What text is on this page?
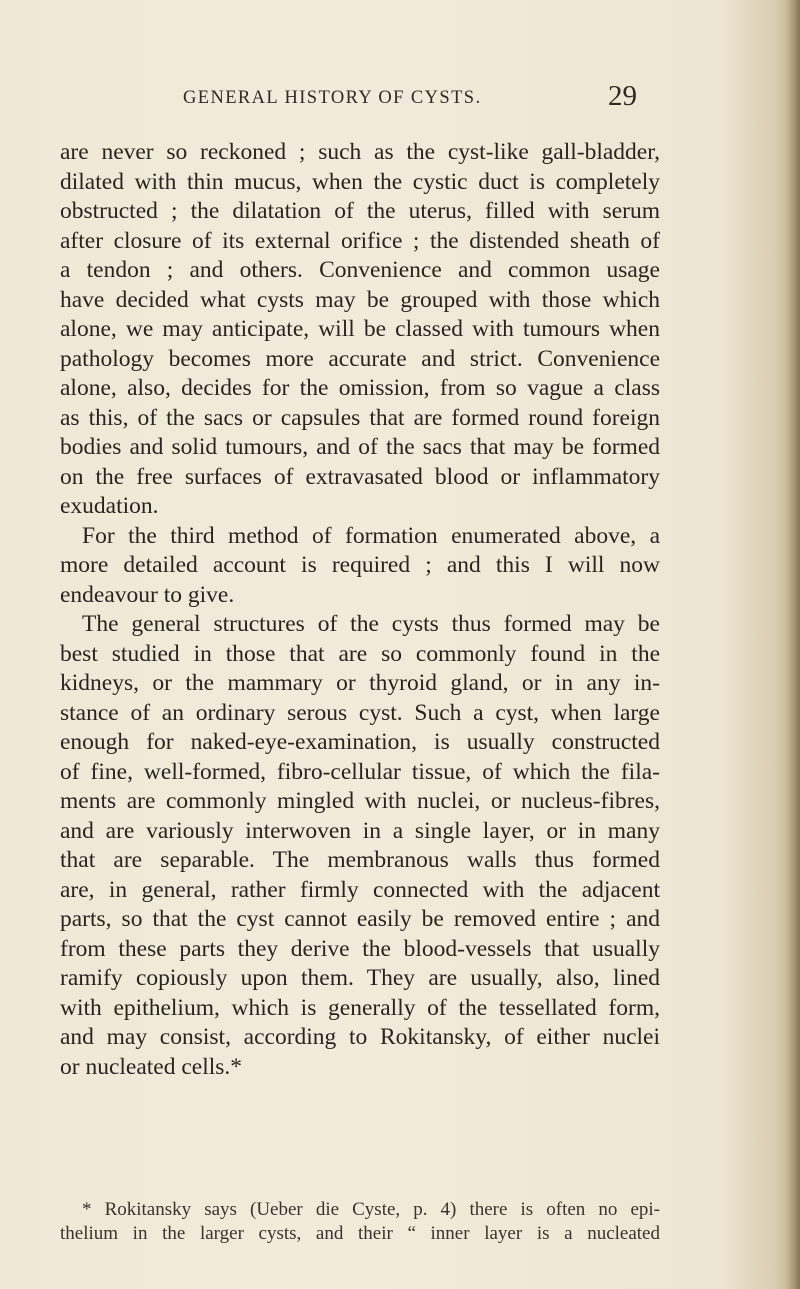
GENERAL HISTORY OF CYSTS.	29
are never so reckoned ; such as the cyst-like gall-bladder,
dilated with thin mucus, when the cystic duct is completely
obstructed ; the dilatation of the uterus, filled with serum
after closure of its external orifice ; the distended sheath of
a tendon ; and others. Convenience and common usage
have decided what cysts may be grouped with those which
alone, we may anticipate, will be classed with tumours when
pathology becomes more accurate and strict. Convenience
alone, also, decides for the omission, from so vague a class
as this, of the sacs or capsules that are formed round foreign
bodies and solid tumours, and of the sacs that may be formed
on the free surfaces of extravasated blood or inflammatory
exudation.
For the third method of formation enumerated above, a
more detailed account is required ; and this I will now
endeavour to give.
The general structures of the cysts thus formed may be
best studied in those that are so commonly found in the
kidneys, or the mammary or thyroid gland, or in any in-
stance of an ordinary serous cyst. Such a cyst, when large
enough for naked-eye-examination, is usually constructed
of fine, well-formed, fibro-cellular tissue, of which the fila-
ments are commonly mingled with nuclei, or nucleus-fibres,
and are variously interwoven in a single layer, or in many
that are separable. The membranous walls thus formed
are, in general, rather firmly connected with the adjacent
parts, so that the cyst cannot easily be removed entire ; and
from these parts they derive the blood-vessels that usually
ramify copiously upon them. They are usually, also, lined
with epithelium, which is generally of the tessellated form,
and may consist, according to Rokitansky, of either nuclei
or nucleated cells.*
* Rokitansky says (Ueber die Cyste, p. 4) there is often no epi-
thelium in the larger cysts, and their “ inner layer is a nucleated
